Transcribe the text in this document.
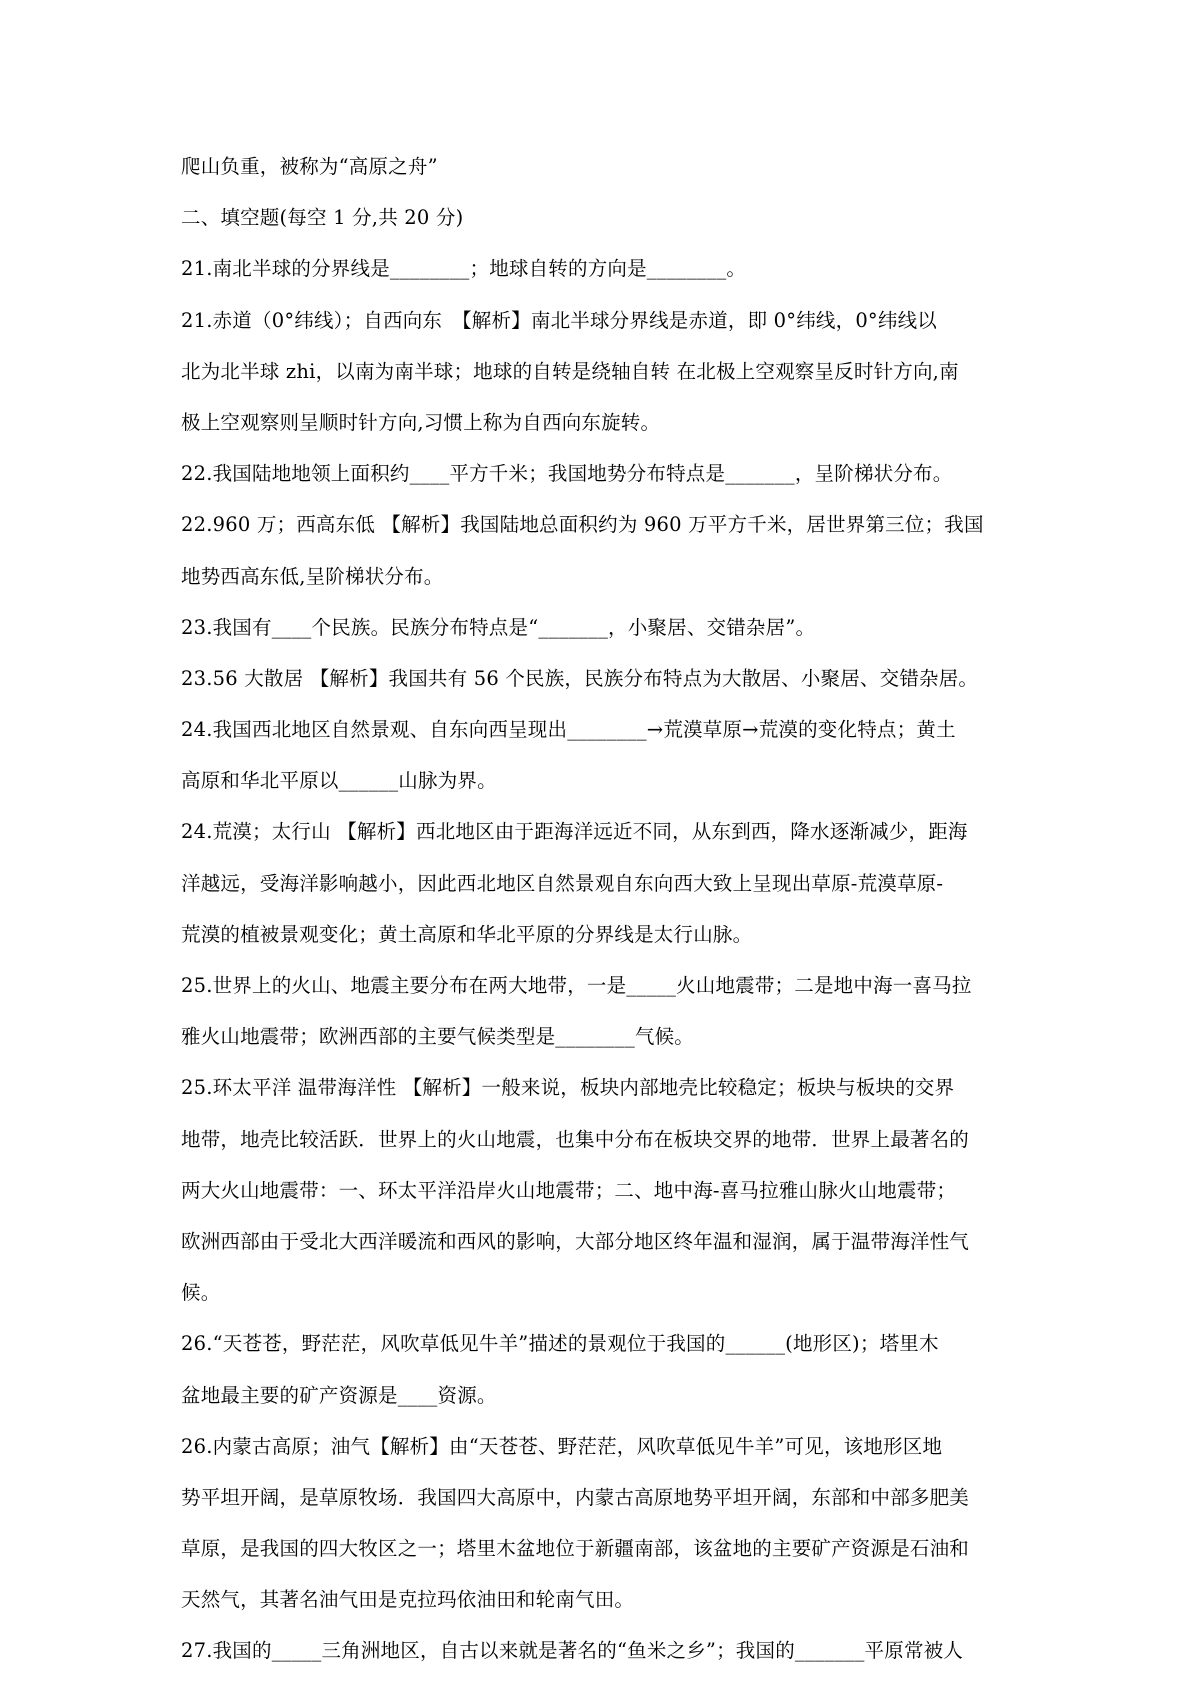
爬山负重，被称为“高原之舟”
二、填空题(每空 1 分,共 20 分)
21.南北半球的分界线是________；地球自转的方向是________。
21.赤道（0°纬线）；自西向东　【解析】南北半球分界线是赤道，即 0°纬线，0°纬线以
北为北半球 zhi，以南为南半球；地球的自转是绕轴自转 在北极上空观察呈反时针方向,南
极上空观察则呈顺时针方向,习惯上称为自西向东旋转。
22.我国陆地地领上面积约____平方千米；我国地势分布特点是_______，呈阶梯状分布。
22.960 万；西高东低 【解析】我国陆地总面积约为 960 万平方千米，居世界第三位；我国
地势西高东低,呈阶梯状分布。
23.我国有____个民族。民族分布特点是“_______，小聚居、交错杂居”。
23.56 大散居 【解析】我国共有 56 个民族，民族分布特点为大散居、小聚居、交错杂居。
24.我国西北地区自然景观、自东向西呈现出________→荒漠草原→荒漠的变化特点；黄土
高原和华北平原以______山脉为界。
24.荒漠；太行山 【解析】西北地区由于距海洋远近不同，从东到西，降水逐渐减少，距海
洋越远，受海洋影响越小，因此西北地区自然景观自东向西大致上呈现出草原-荒漠草原-
荒漠的植被景观变化；黄土高原和华北平原的分界线是太行山脉。
25.世界上的火山、地震主要分布在两大地带，一是_____火山地震带；二是地中海一喜马拉
雅火山地震带；欧洲西部的主要气候类型是________气候。
25.环太平洋 温带海洋性 【解析】一般来说，板块内部地壳比较稳定；板块与板块的交界
地带，地壳比较活跃．世界上的火山地震，也集中分布在板块交界的地带．世界上最著名的
两大火山地震带：一、环太平洋沿岸火山地震带；二、地中海-喜马拉雅山脉火山地震带；
欧洲西部由于受北大西洋暖流和西风的影响，大部分地区终年温和湿润，属于温带海洋性气
候。
26.“天苍苍，野茫茫，风吹草低见牛羊”描述的景观位于我国的______(地形区)；塔里木
盆地最主要的矿产资源是____资源。
26.内蒙古高原；油气【解析】由“天苍苍、野茫茫，风吹草低见牛羊”可见，该地形区地
势平坦开阔，是草原牧场．我国四大高原中，内蒙古高原地势平坦开阔，东部和中部多肥美
草原，是我国的四大牧区之一；塔里木盆地位于新疆南部，该盆地的主要矿产资源是石油和
天然气，其著名油气田是克拉玛依油田和轮南气田。
27.我国的_____三角洲地区，自古以来就是著名的“鱼米之乡”；我国的_______平原常被人
